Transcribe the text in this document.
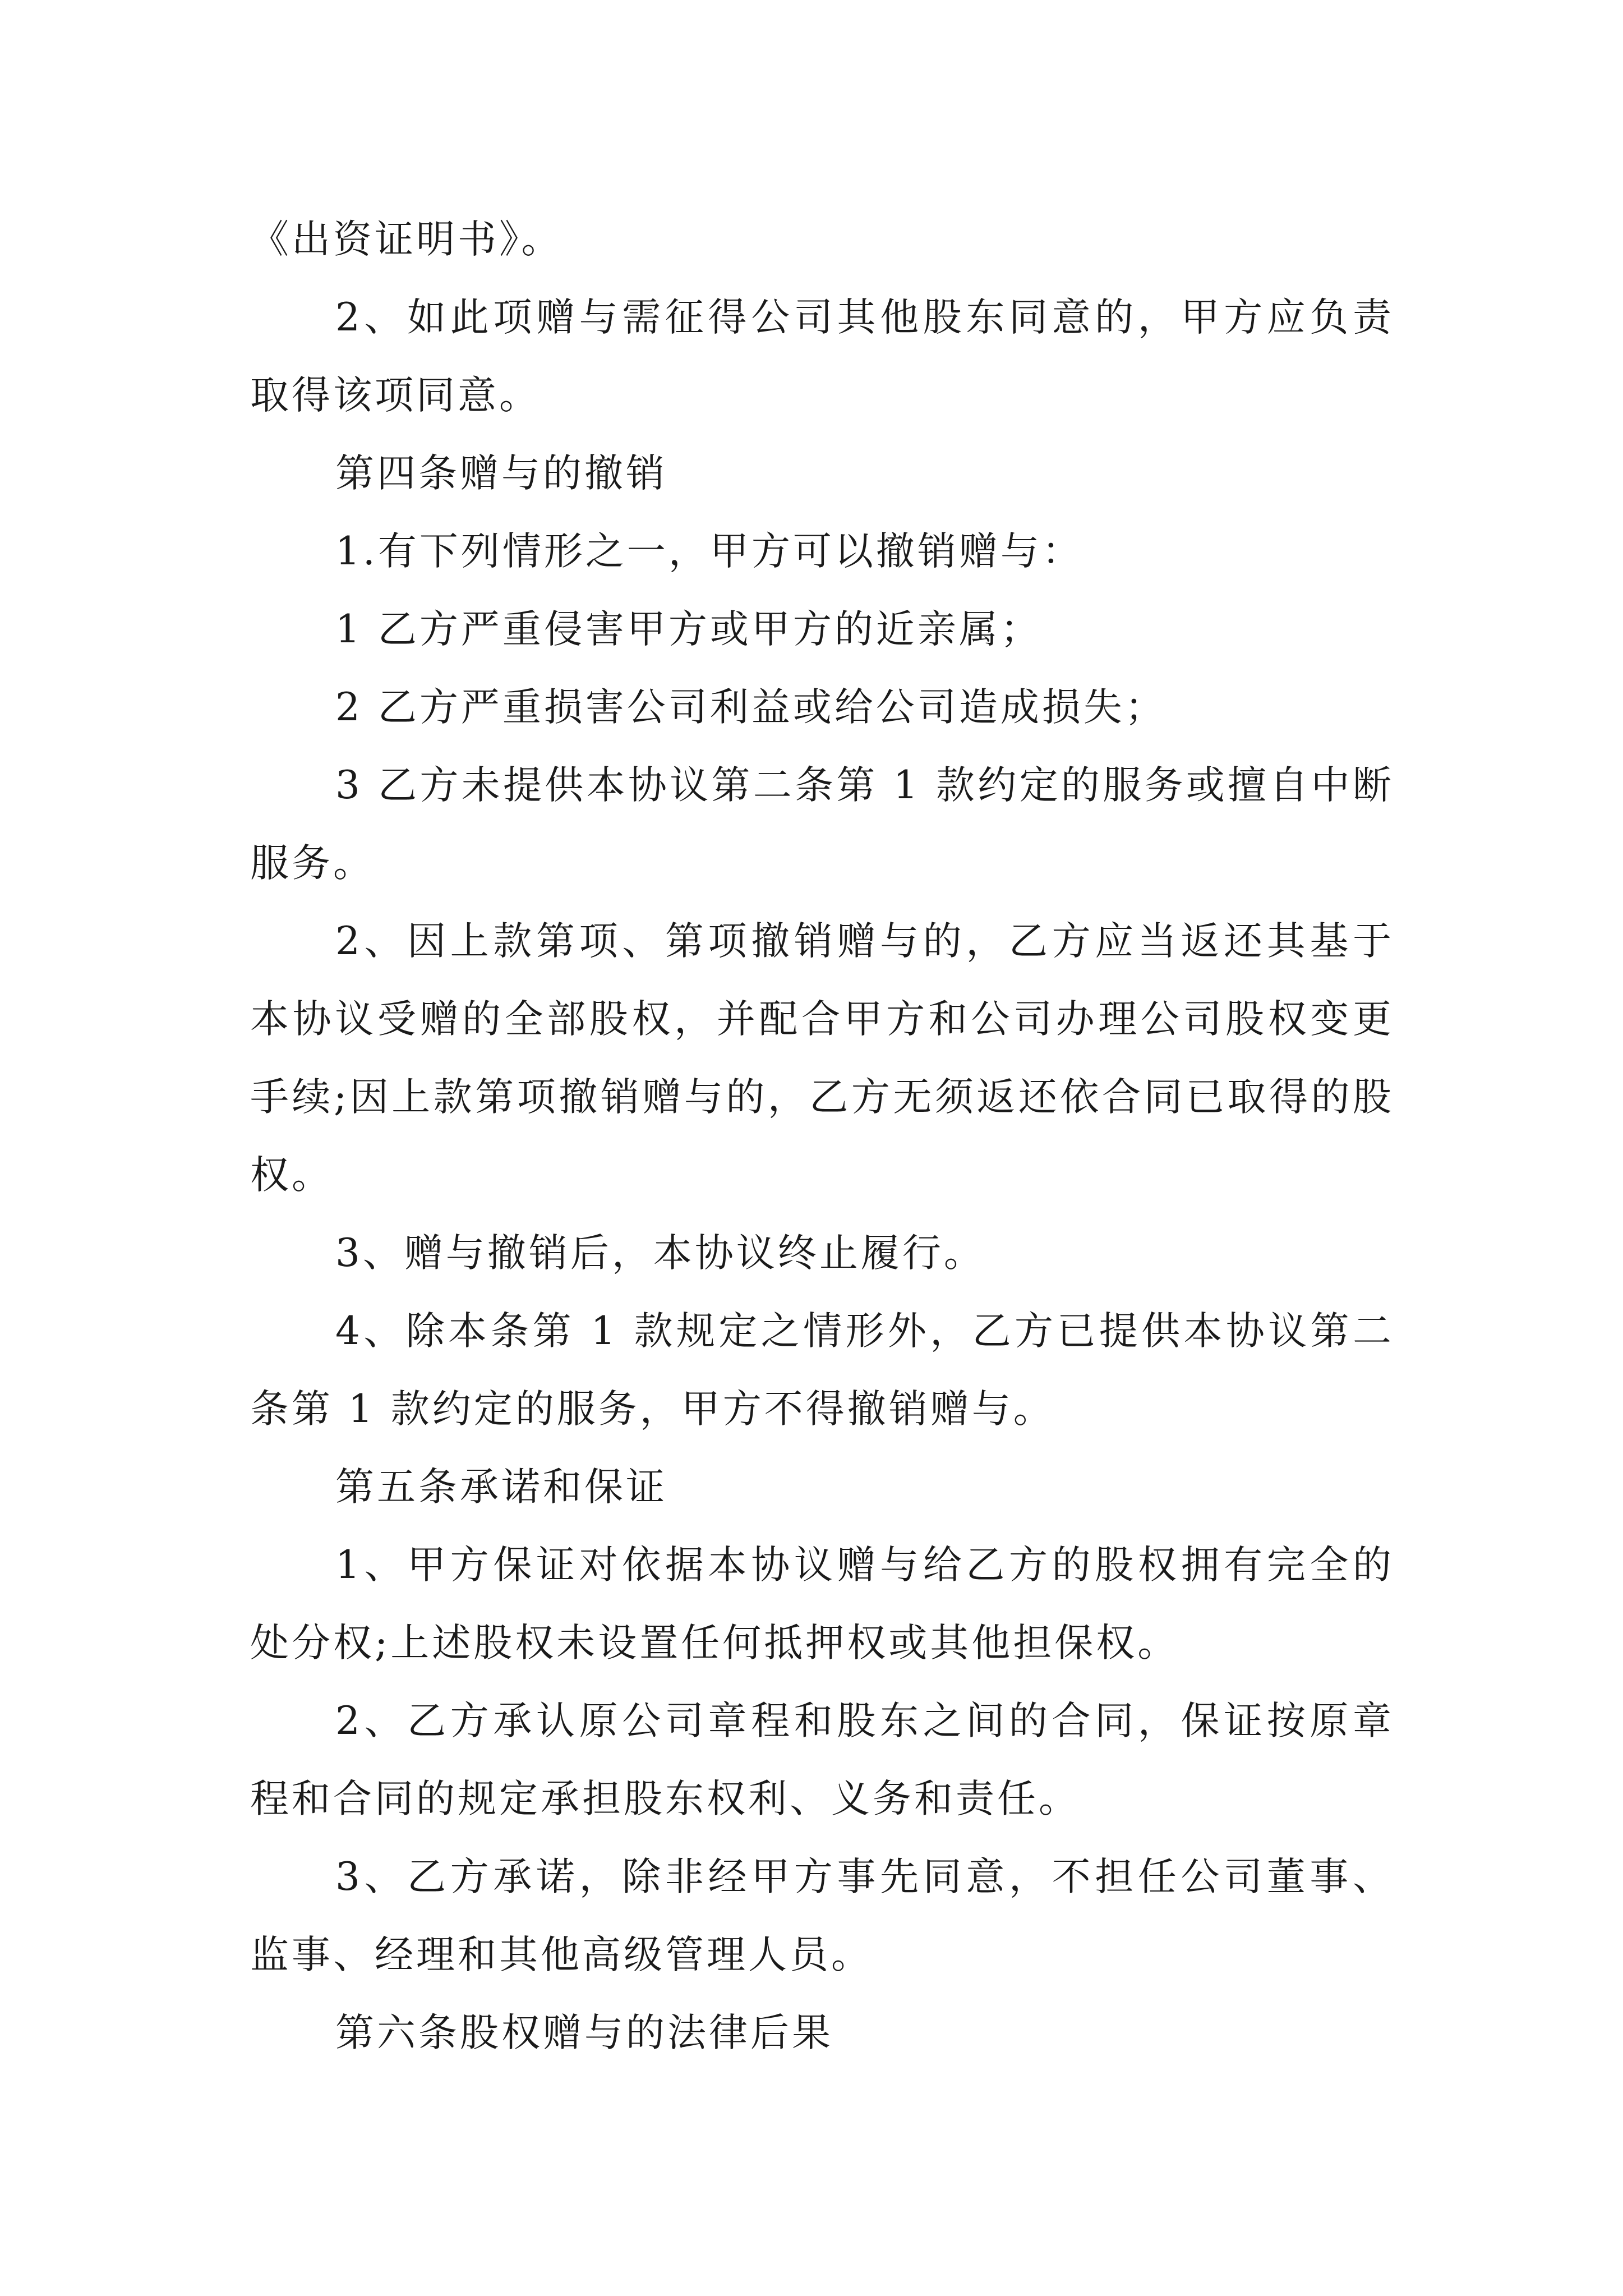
《出资证明书》。

2、如此项赠与需征得公司其他股东同意的，甲方应负责取得该项同意。

第四条赠与的撤销

1.有下列情形之一，甲方可以撤销赠与：

1 乙方严重侵害甲方或甲方的近亲属；

2 乙方严重损害公司利益或给公司造成损失；

3 乙方未提供本协议第二条第 1 款约定的服务或擅自中断服务。

2、因上款第项、第项撤销赠与的，乙方应当返还其基于本协议受赠的全部股权，并配合甲方和公司办理公司股权变更手续;因上款第项撤销赠与的，乙方无须返还依合同已取得的股权。

3、赠与撤销后，本协议终止履行。

4、除本条第 1 款规定之情形外，乙方已提供本协议第二条第 1 款约定的服务，甲方不得撤销赠与。

第五条承诺和保证

1、甲方保证对依据本协议赠与给乙方的股权拥有完全的处分权;上述股权未设置任何抵押权或其他担保权。

2、乙方承认原公司章程和股东之间的合同，保证按原章程和合同的规定承担股东权利、义务和责任。

3、乙方承诺，除非经甲方事先同意，不担任公司董事、监事、经理和其他高级管理人员。

第六条股权赠与的法律后果
